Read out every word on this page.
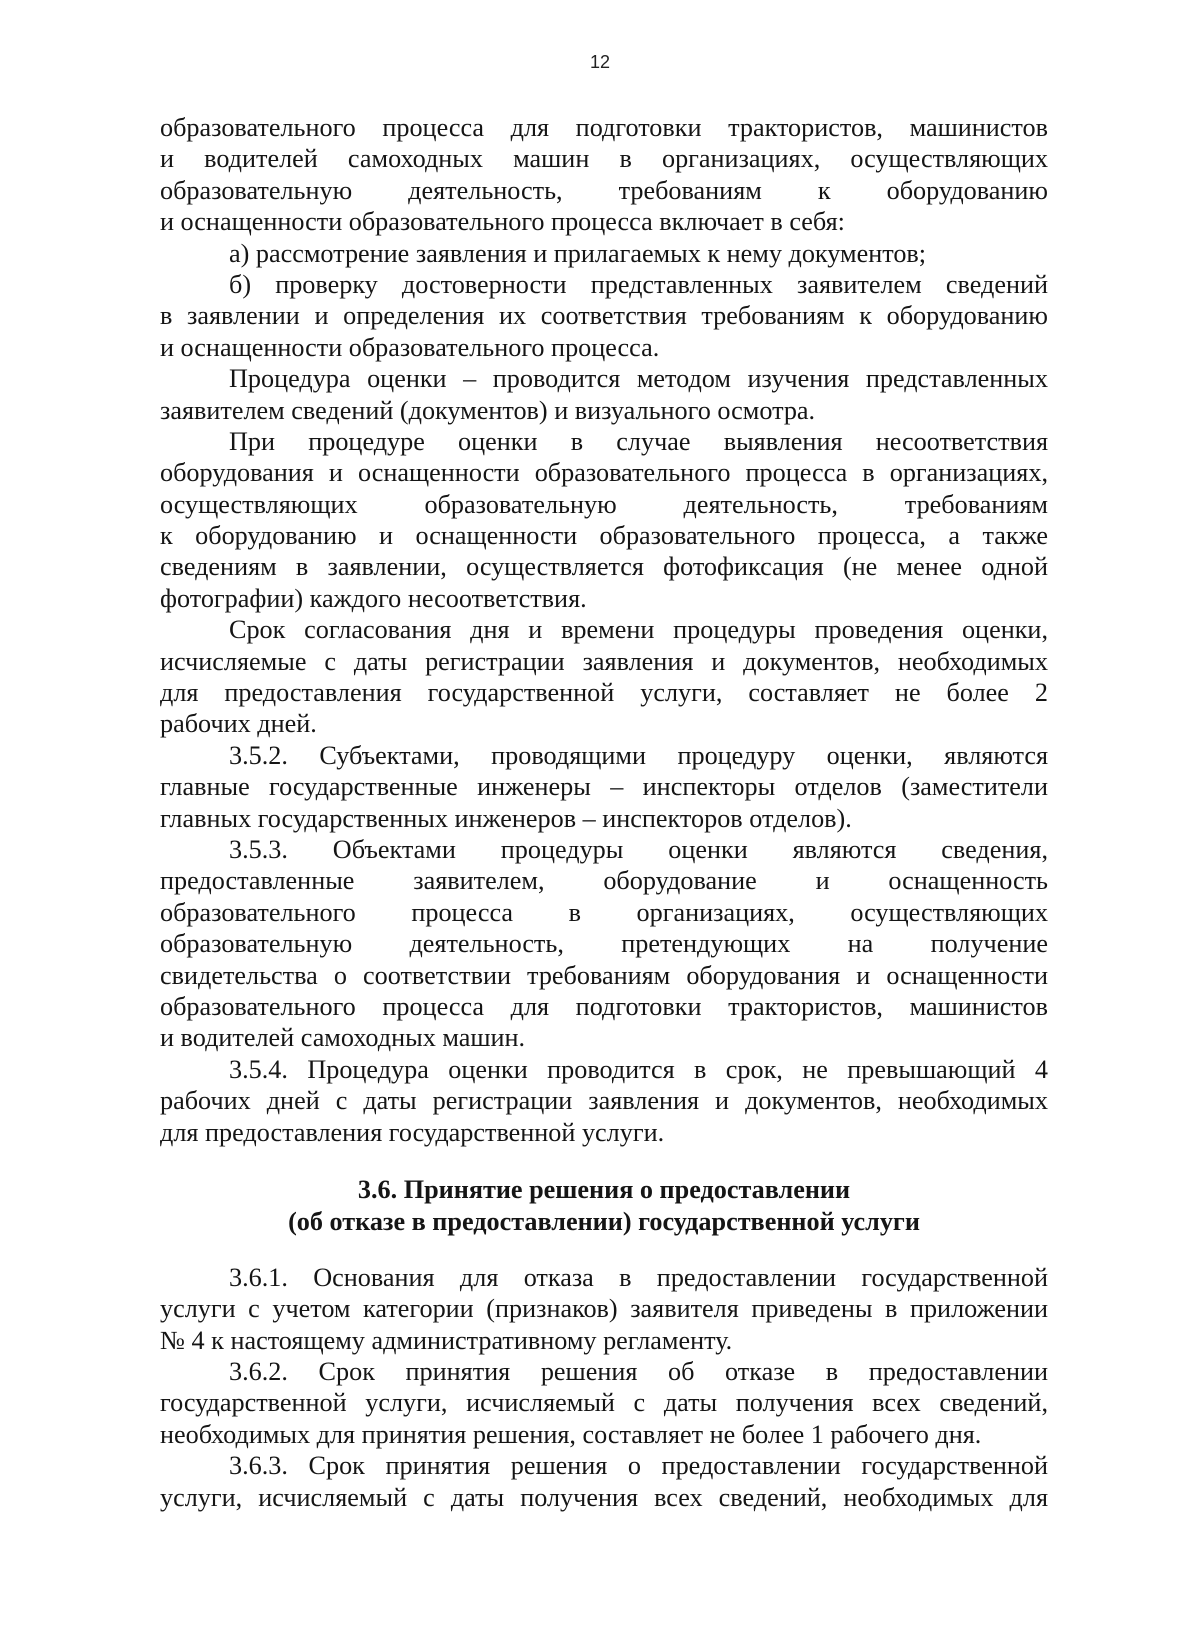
12
образовательного процесса для подготовки трактористов, машинистов
и водителей самоходных машин в организациях, осуществляющих
образовательную деятельность, требованиям к оборудованию
и оснащенности образовательного процесса включает в себя:
а) рассмотрение заявления и прилагаемых к нему документов;
б) проверку достоверности представленных заявителем сведений
в заявлении и определения их соответствия требованиям к оборудованию
и оснащенности образовательного процесса.
Процедура оценки – проводится методом изучения представленных
заявителем сведений (документов) и визуального осмотра.
При процедуре оценки в случае выявления несоответствия
оборудования и оснащенности образовательного процесса в организациях,
осуществляющих образовательную деятельность, требованиям
к оборудованию и оснащенности образовательного процесса, а также
сведениям в заявлении, осуществляется фотофиксация (не менее одной
фотографии) каждого несоответствия.
Срок согласования дня и времени процедуры проведения оценки,
исчисляемые с даты регистрации заявления и документов, необходимых
для предоставления государственной услуги, составляет не более 2
рабочих дней.
3.5.2. Субъектами, проводящими процедуру оценки, являются
главные государственные инженеры – инспекторы отделов (заместители
главных государственных инженеров – инспекторов отделов).
3.5.3. Объектами процедуры оценки являются сведения,
предоставленные заявителем, оборудование и оснащенность
образовательного процесса в организациях, осуществляющих
образовательную деятельность, претендующих на получение
свидетельства о соответствии требованиям оборудования и оснащенности
образовательного процесса для подготовки трактористов, машинистов
и водителей самоходных машин.
3.5.4. Процедура оценки проводится в срок, не превышающий 4
рабочих дней с даты регистрации заявления и документов, необходимых
для предоставления государственной услуги.
3.6. Принятие решения о предоставлении
(об отказе в предоставлении) государственной услуги
3.6.1. Основания для отказа в предоставлении государственной
услуги с учетом категории (признаков) заявителя приведены в приложении
№ 4 к настоящему административному регламенту.
3.6.2. Срок принятия решения об отказе в предоставлении
государственной услуги, исчисляемый с даты получения всех сведений,
необходимых для принятия решения, составляет не более 1 рабочего дня.
3.6.3. Срок принятия решения о предоставлении государственной
услуги, исчисляемый с даты получения всех сведений, необходимых для
